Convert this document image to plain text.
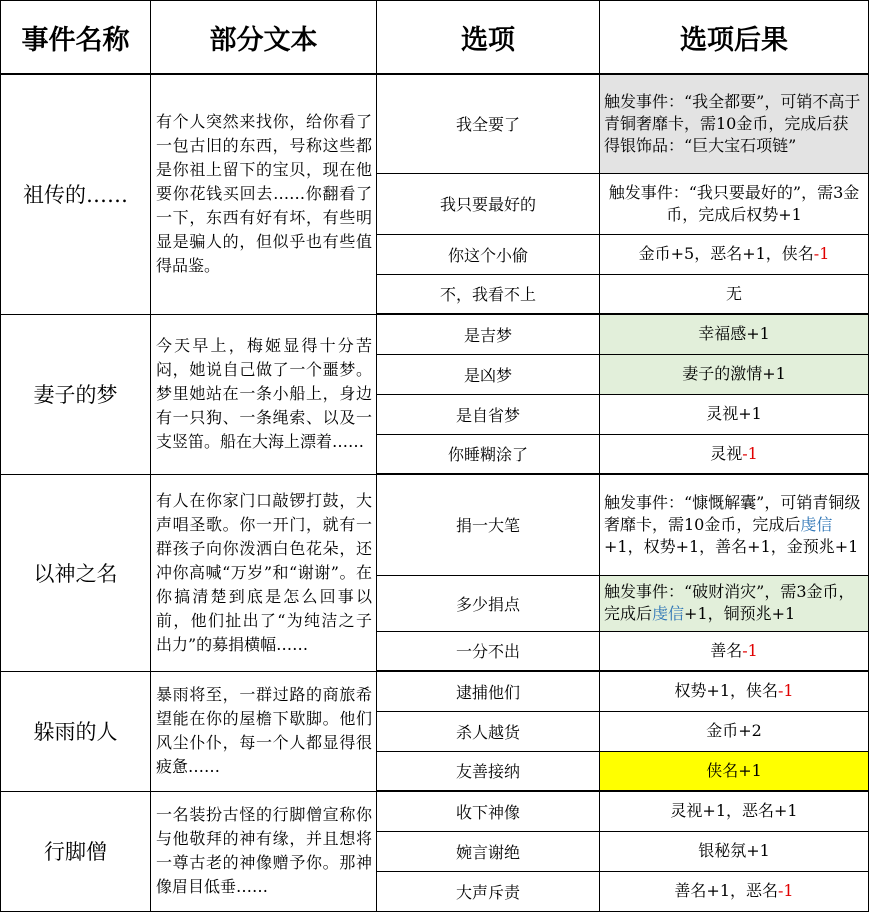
事件名称	部分文本	选项	选项后果
祖传的……	有个人突然来找你，给你看了一包古旧的东西，号称这些都是你祖上留下的宝贝，现在他要你花钱买回去……你翻看了一下，东西有好有坏，有些明显是骗人的，但似乎也有些值得品鉴。	我全要了	触发事件：“我全都要”，可销不高于青铜奢靡卡，需10金币，完成后获得银饰品：“巨大宝石项链”
		我只要最好的	触发事件：“我只要最好的”，需3金币，完成后权势+1
		你这个小偷	金币+5，恶名+1，侠名-1
		不，我看不上	无
妻子的梦	今天早上，梅姬显得十分苦闷，她说自己做了一个噩梦。梦里她站在一条小船上，身边有一只狗、一条绳索、以及一支竖笛。船在大海上漂着……	是吉梦	幸福感+1
		是凶梦	妻子的激情+1
		是自省梦	灵视+1
		你睡糊涂了	灵视-1
以神之名	有人在你家门口敲锣打鼓，大声唱圣歌。你一开门，就有一群孩子向你泼洒白色花朵，还冲你高喊“万岁”和“谢谢”。在你搞清楚到底是怎么回事以前，他们扯出了“为纯洁之子出力”的募捐横幅……	捐一大笔	触发事件：“慷慨解囊”，可销青铜级奢靡卡，需10金币，完成后虔信+1，权势+1，善名+1，金预兆+1
		多少捐点	触发事件：“破财消灾”，需3金币，完成后虔信+1，铜预兆+1
		一分不出	善名-1
躲雨的人	暴雨将至，一群过路的商旅希望能在你的屋檐下歇脚。他们风尘仆仆，每一个人都显得很疲惫……	逮捕他们	权势+1，侠名-1
		杀人越货	金币+2
		友善接纳	侠名+1
行脚僧	一名装扮古怪的行脚僧宣称你与他敬拜的神有缘，并且想将一尊古老的神像赠予你。那神像眉目低垂……	收下神像	灵视+1，恶名+1
		婉言谢绝	银秘氛+1
		大声斥责	善名+1，恶名-1
